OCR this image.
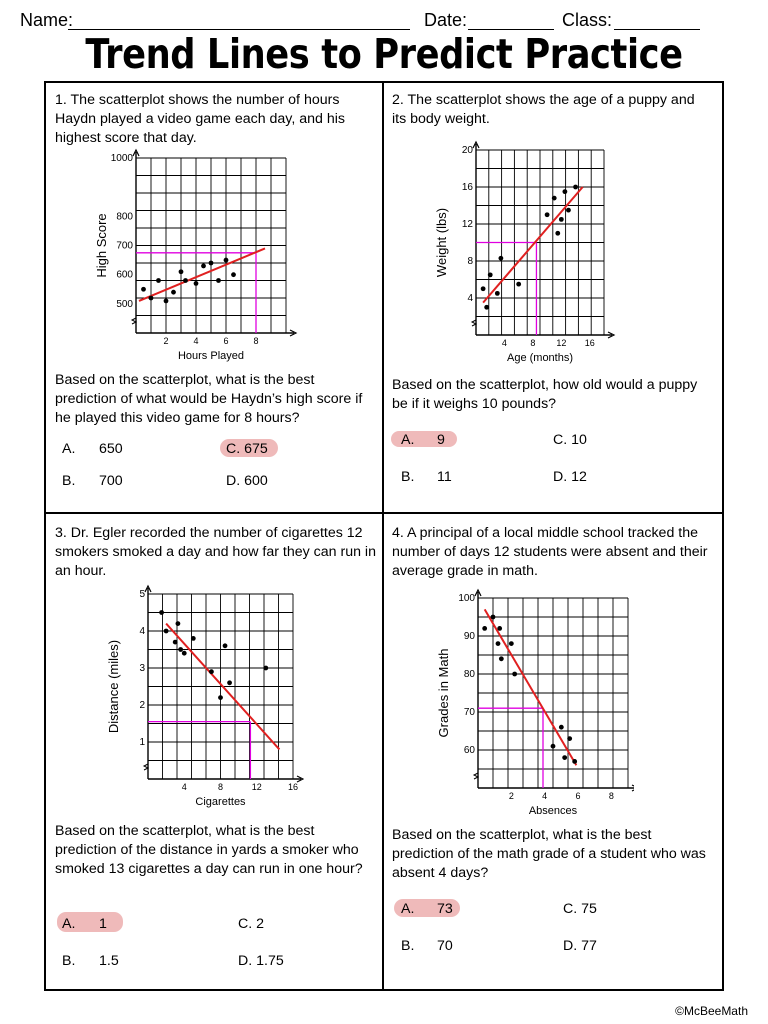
Name:	Date:	Class:
Trend Lines to Predict Practice
1. The scatterplot shows the number of hours Haydn played a video game each day, and his highest score that day.
2	4	6	8
500
600
700
800
1000
Hours Played
High Score
Based on the scatterplot, what is the best prediction of what would be Haydn’s high score if he played this video game for 8 hours?
A. 650	C. 675
B. 700	D. 600
2. The scatterplot shows the age of a puppy and its body weight.
4	8 12 16
4
8
12
16
20
Age (months)
Weight (lbs)
Based on the scatterplot, how old would a puppy be if it weighs 10 pounds?
A. 9	C. 10
B. 11	D. 12
3. Dr. Egler recorded the number of cigarettes 12 smokers smoked a day and how far they can run in an hour.
4	8	12	16
1
2
3
4
5
Cigarettes
Distance (miles)
Based on the scatterplot, what is the best prediction of the distance in yards a smoker who smoked 13 cigarettes a day can run in one hour?
A. 1	C. 2
B. 1.5	D. 1.75
4. A principal of a local middle school tracked the number of days 12 students were absent and their average grade in math.
2	4	6	8
60
70
80
90
100
Absences
Grades in Math
Based on the scatterplot, what is the best prediction of the math grade of a student who was absent 4 days?
A. 73	C. 75
B. 70	D. 77
©McBeeMath
